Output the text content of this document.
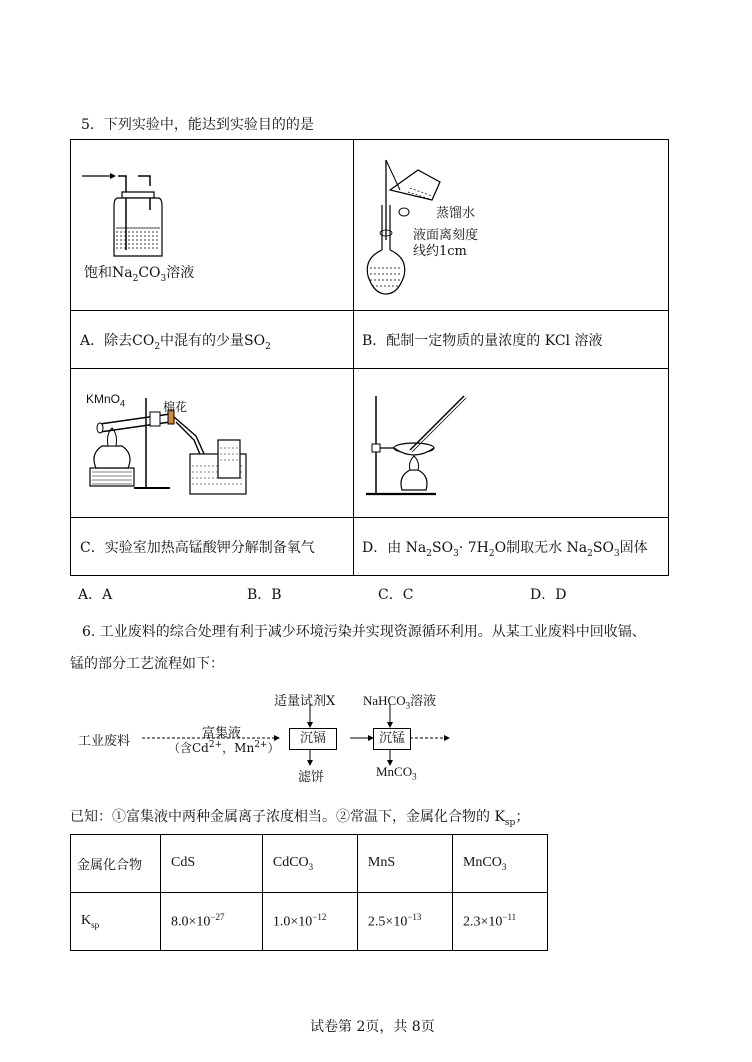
5．下列实验中，能达到实验目的的是
饱和$Na_2CO_3$溶液
蒸馏水
液面离刻度
线约1cm
A．除去$CO_2$中混有的少量$SO_2$	B．配制一定物质的量浓度的 KCl 溶液
KMnO$_4$	棉花
C．实验室加热高锰酸钾分解制备氧气	D．由 $Na_2SO_3\cdot 7H_2O$制取无水 $Na_2SO_3$固体
A．A	B．B	C．C	D．D
6. 工业废料的综合处理有利于减少环境污染并实现资源循环利用。从某工业废料中回收镉、
锰的部分工艺流程如下：
工业废料
富集液
（含$Cd^{2+}$，$Mn^{2+}$）
适量试剂X NaHCO$_3$溶液
沉镉	沉锰
滤饼	MnCO$_3$
已知：①富集液中两种金属离子浓度相当。②常温下，金属化合物的 $K_{sp}$；
金属化合物	CdS	CdCO$_3$	MnS	MnCO$_3$
$K_{sp}$	$8.0\times 10^{-27}$	$1.0\times 10^{-12}$	$2.5\times 10^{-13}$	$2.3\times 10^{-11}$
试卷第 2页，共 8页
